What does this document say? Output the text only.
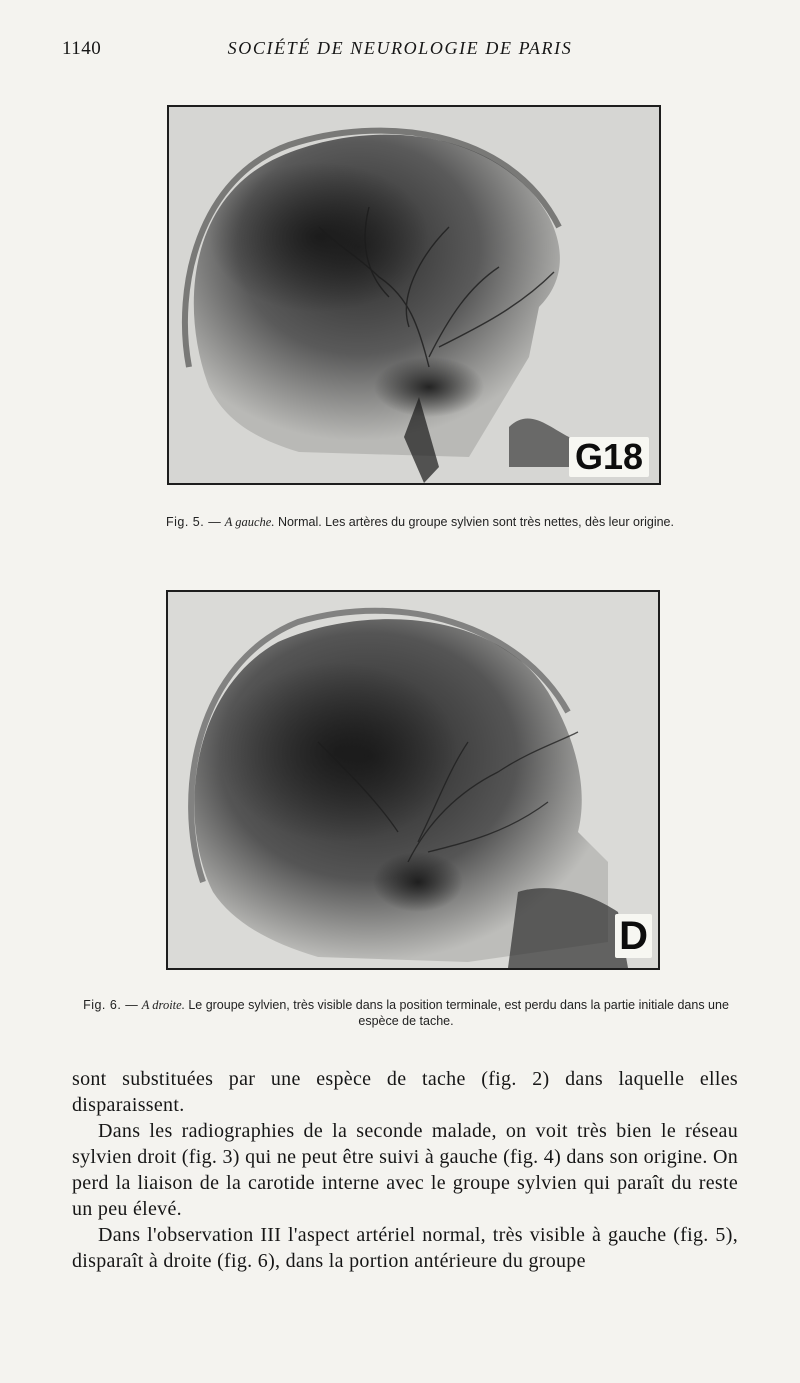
1140	SOCIÉTÉ DE NEUROLOGIE DE PARIS
G18
Fig. 5. — A gauche. Normal. Les artères du groupe sylvien sont très nettes, dès leur origine.
D
Fig. 6. — A droite. Le groupe sylvien, très visible dans la position terminale, est perdu dans la partie initiale dans une espèce de tache.

sont substituées par une espèce de tache (fig. 2) dans laquelle elles disparaissent.

Dans les radiographies de la seconde malade, on voit très bien le réseau sylvien droit (fig. 3) qui ne peut être suivi à gauche (fig. 4) dans son origine. On perd la liaison de la carotide interne avec le groupe sylvien qui paraît du reste un peu élevé.

Dans l'observation III l'aspect artériel normal, très visible à gauche (fig. 5), disparaît à droite (fig. 6), dans la portion antérieure du groupe
